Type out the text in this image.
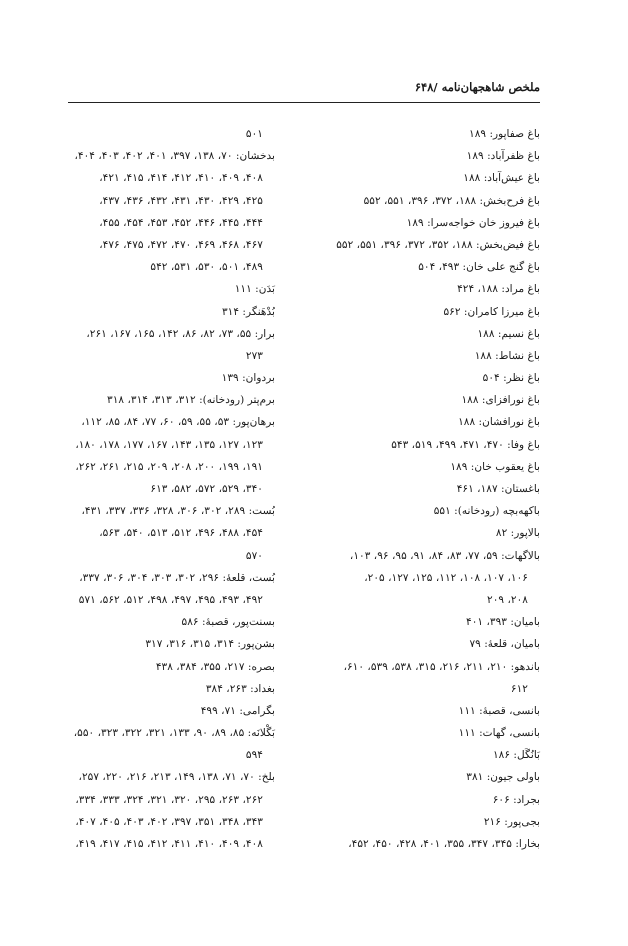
ملخص شاهجهان‌نامه /۶۴۸
باغ صفاپور: ۱۸۹
باغ ظفرآباد: ۱۸۹
باغ عیش‌آباد: ۱۸۸
باغ فرح‌بخش: ۱۸۸، ۳۷۲، ۳۹۶، ۵۵۱، ۵۵۲
باغ فیروز خان خواجه‌سرا: ۱۸۹
باغ فیض‌بخش: ۱۸۸، ۳۵۲، ۳۷۲، ۳۹۶، ۵۵۱، ۵۵۲
باغ گنج علی خان: ۴۹۳، ۵۰۴
باغ مراد: ۱۸۸، ۴۲۴
باغ میرزا کامران: ۵۶۲
باغ نسیم: ۱۸۸
باغ نشاط: ۱۸۸
باغ نظر: ۵۰۴
باغ نورافزای: ۱۸۸
باغ نورافشان: ۱۸۸
باغ وفا: ۴۷۰، ۴۷۱، ۴۹۹، ۵۱۹، ۵۴۳
باغ یعقوب خان: ۱۸۹
باغستان: ۱۸۷، ۴۶۱
باکهه‌بچه (رودخانه): ۵۵۱
بالاپور: ۸۲
بالاگهات: ۵۹، ۷۷، ۸۳، ۸۴، ۹۱، ۹۵، ۹۶، ۱۰۳،
۱۰۶، ۱۰۷، ۱۰۸، ۱۱۲، ۱۲۵، ۱۲۷، ۲۰۵،
۲۰۸، ۲۰۹
بامیان: ۳۹۳، ۴۰۱
بامیان، قلعهٔ: ۷۹
باندهو: ۲۱۰، ۲۱۱، ۲۱۶، ۳۱۵، ۵۳۸، ۵۳۹، ۶۱۰،
۶۱۲
بانسی، قصبهٔ: ۱۱۱
بانسی، گهات: ۱۱۱
بَانُگَل: ۱۸۶
باولی جیون: ۳۸۱
بجراد: ۶۰۶
بجی‌پور: ۲۱۶
بخارا: ۳۴۵، ۳۴۷، ۳۵۵، ۴۰۱، ۴۲۸، ۴۵۰، ۴۵۲،
۵۰۱
بدخشان: ۷۰، ۱۳۸، ۳۹۷، ۴۰۱، ۴۰۲، ۴۰۳، ۴۰۴،
۴۰۸، ۴۰۹، ۴۱۰، ۴۱۲، ۴۱۴، ۴۱۵، ۴۲۱،
۴۲۵، ۴۲۹، ۴۳۰، ۴۳۱، ۴۳۲، ۴۳۶، ۴۳۷،
۴۴۴، ۴۴۵، ۴۴۶، ۴۵۲، ۴۵۳، ۴۵۴، ۴۵۵،
۴۶۷، ۴۶۸، ۴۶۹، ۴۷۰، ۴۷۲، ۴۷۵، ۴۷۶،
۴۸۹، ۵۰۱، ۵۳۰، ۵۳۱، ۵۴۲
بَدَن: ۱۱۱
بُدْهَنگر: ۳۱۴
برار: ۵۵، ۷۳، ۸۲، ۸۶، ۱۴۲، ۱۶۵، ۱۶۷، ۲۶۱،
۲۷۳
بردوان: ۱۳۹
برم‌پتر (رودخانه): ۳۱۲، ۳۱۳، ۳۱۴، ۳۱۸
برهان‌پور: ۵۳، ۵۵، ۵۹، ۶۰، ۷۷، ۸۴، ۸۵، ۱۱۲،
۱۲۳، ۱۲۷، ۱۳۵، ۱۴۳، ۱۶۷، ۱۷۷، ۱۷۸، ۱۸۰،
۱۹۱، ۱۹۹، ۲۰۰، ۲۰۸، ۲۰۹، ۲۱۵، ۲۶۱، ۲۶۲،
۳۴۰، ۵۲۹، ۵۷۲، ۵۸۲، ۶۱۳
بُست: ۲۸۹، ۳۰۲، ۳۰۶، ۳۲۸، ۳۳۶، ۳۳۷، ۴۳۱،
۴۵۴، ۴۸۸، ۴۹۶، ۵۱۲، ۵۱۳، ۵۴۰، ۵۶۳،
۵۷۰
بُست، قلعهٔ: ۲۹۶، ۳۰۲، ۳۰۳، ۳۰۴، ۳۰۶، ۳۳۷،
۴۹۲، ۴۹۳، ۴۹۵، ۴۹۷، ۴۹۸، ۵۱۲، ۵۶۲، ۵۷۱
بسنت‌پور، قصبهٔ: ۵۸۶
بشن‌پور: ۳۱۴، ۳۱۵، ۳۱۶، ۳۱۷
بصره: ۲۱۷، ۳۵۵، ۳۸۴، ۴۳۸
بغداد: ۲۶۳، ۳۸۴
بگرامی: ۷۱، ۴۹۹
بَگْلانَه: ۸۵، ۸۹، ۹۰، ۱۳۳، ۳۲۱، ۳۲۲، ۳۲۳، ۵۵۰،
۵۹۴
بلخ: ۷۰، ۷۱، ۱۳۸، ۱۴۹، ۲۱۳، ۲۱۶، ۲۲۰، ۲۵۷،
۲۶۲، ۲۶۳، ۲۹۵، ۳۲۰، ۳۲۱، ۳۲۴، ۳۳۳، ۳۳۴،
۳۴۳، ۳۴۸، ۳۵۱، ۳۹۷، ۴۰۲، ۴۰۳، ۴۰۵، ۴۰۷،
۴۰۸، ۴۰۹، ۴۱۰، ۴۱۱، ۴۱۲، ۴۱۵، ۴۱۷، ۴۱۹،
